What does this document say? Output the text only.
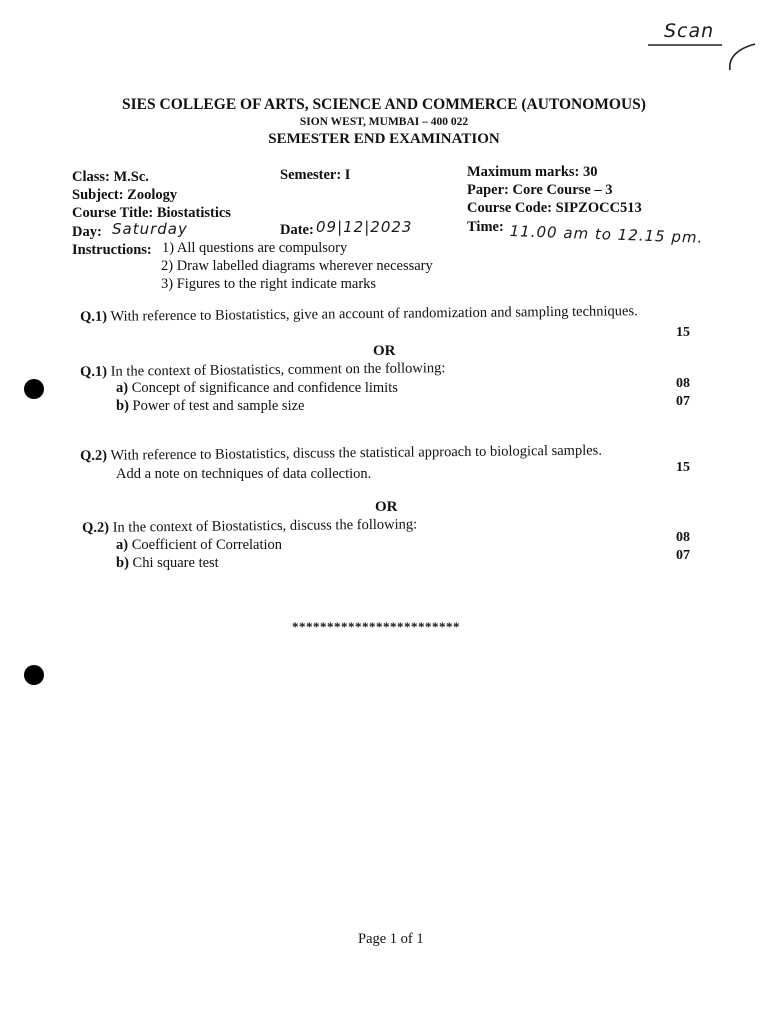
Scan
SIES COLLEGE OF ARTS, SCIENCE AND COMMERCE (AUTONOMOUS)
SION WEST, MUMBAI – 400 022
SEMESTER END EXAMINATION
Class: M.Sc.	Semester: I	Maximum marks: 30
Subject: Zoology	Paper: Core Course – 3
Course Title: Biostatistics	Course Code: SIPZOCC513
Day: Saturday	Date: 09|12|2023	Time: 11.00 am to 12.15 pm.
Instructions: 1) All questions are compulsory
2) Draw labelled diagrams wherever necessary
3) Figures to the right indicate marks
Q.1) With reference to Biostatistics, give an account of randomization and sampling techniques.
15
OR
Q.1) In the context of Biostatistics, comment on the following:
a) Concept of significance and confidence limits	08
b) Power of test and sample size	07
Q.2) With reference to Biostatistics, discuss the statistical approach to biological samples.
Add a note on techniques of data collection.	15
OR
Q.2) In the context of Biostatistics, discuss the following:
a) Coefficient of Correlation	08
b) Chi square test	07
************************
Page 1 of 1
